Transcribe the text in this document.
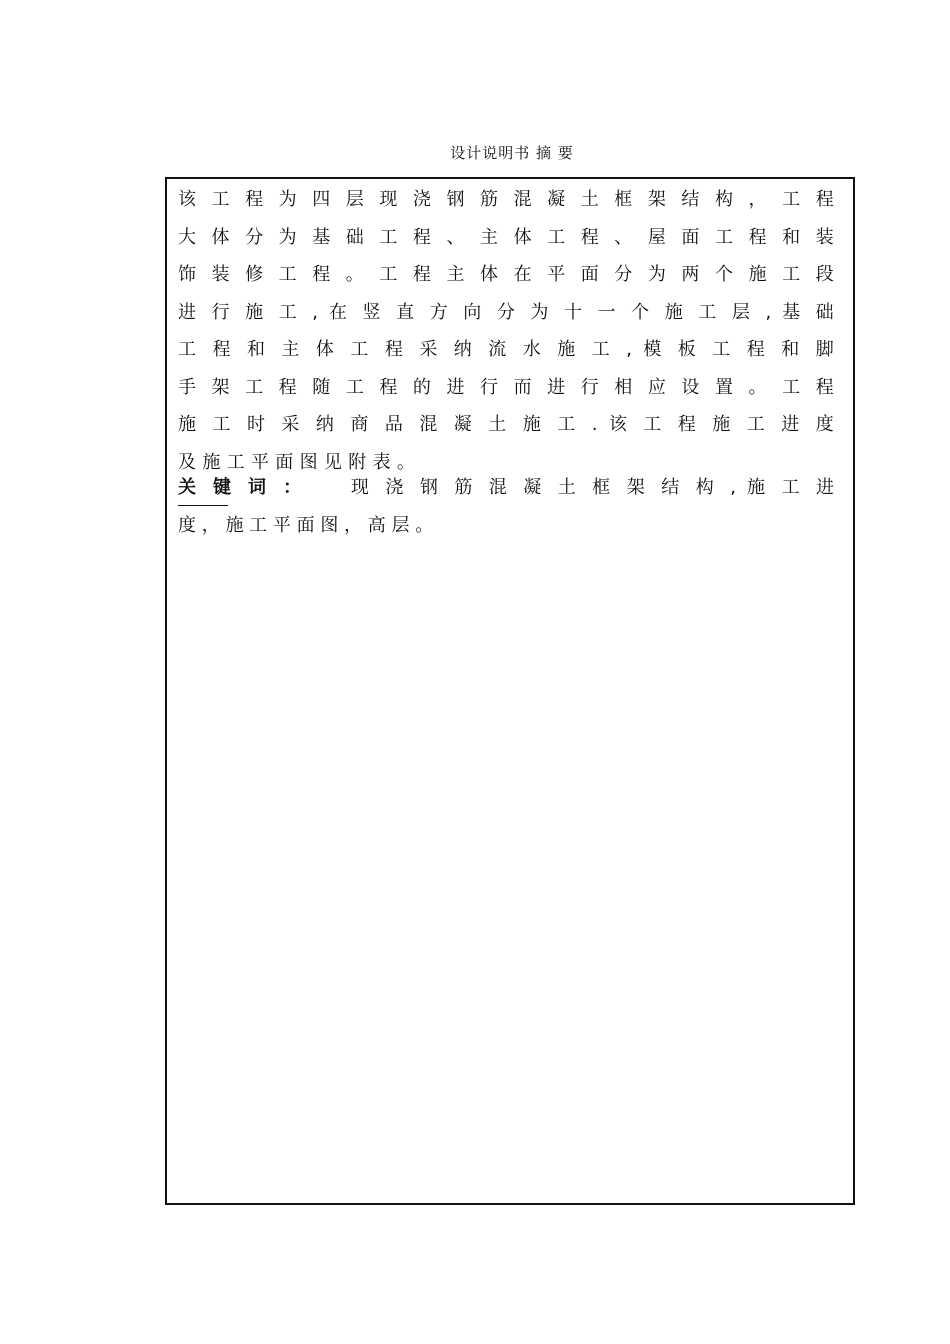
设计说明书 摘 要
该 工 程 为 四 层 现 浇 钢 筋 混 凝 土 框 架 结 构 ， 工 程
大 体 分 为 基 础 工 程 、 主 体 工 程 、 屋 面 工 程 和 装
饰 装 修 工 程 。 工 程 主 体 在 平 面 分 为 两 个 施 工 段
进 行 施 工 , 在 竖 直 方 向 分 为 十 一 个 施 工 层 , 基 础
工 程 和 主 体 工 程 采 纳 流 水 施 工 , 模 板 工 程 和 脚
手 架 工 程 随 工 程 的 进 行 而 进 行 相 应 设 置 。 工 程
施 工 时 采 纳 商 品 混 凝 土 施 工 . 该 工 程 施 工 进 度
及 施 工 平 面 图 见 附 表 。
关 键 词 ： 现 浇 钢 筋 混 凝 土 框 架 结 构 , 施 工 进
度 ， 施 工 平 面 图 ， 高 层 。
